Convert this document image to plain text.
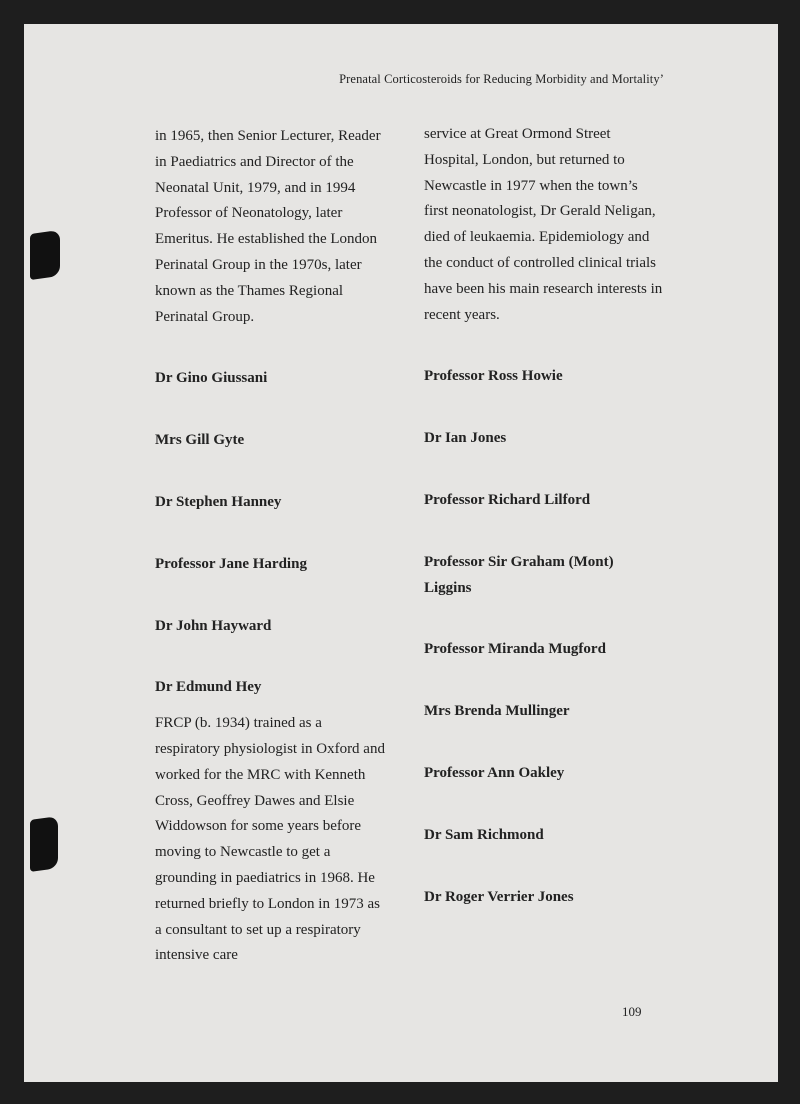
Prenatal Corticosteroids for Reducing Morbidity and Mortality’

in 1965, then Senior Lecturer, Reader in Paediatrics and Director of the Neonatal Unit, 1979, and in 1994 Professor of Neonatology, later Emeritus. He established the London Perinatal Group in the 1970s, later known as the Thames Regional Perinatal Group.

Dr Gino Giussani

Mrs Gill Gyte

Dr Stephen Hanney

Professor Jane Harding

Dr John Hayward

Dr Edmund Hey

FRCP (b. 1934) trained as a respiratory physiologist in Oxford and worked for the MRC with Kenneth Cross, Geoffrey Dawes and Elsie Widdowson for some years before moving to Newcastle to get a grounding in paediatrics in 1968. He returned briefly to London in 1973 as a consultant to set up a respiratory intensive care

service at Great Ormond Street Hospital, London, but returned to Newcastle in 1977 when the town’s first neonatologist, Dr Gerald Neligan, died of leukaemia. Epidemiology and the conduct of controlled clinical trials have been his main research interests in recent years.

Professor Ross Howie

Dr Ian Jones

Professor Richard Lilford

Professor Sir Graham (Mont) Liggins

Professor Miranda Mugford

Mrs Brenda Mullinger

Professor Ann Oakley

Dr Sam Richmond

Dr Roger Verrier Jones

109
